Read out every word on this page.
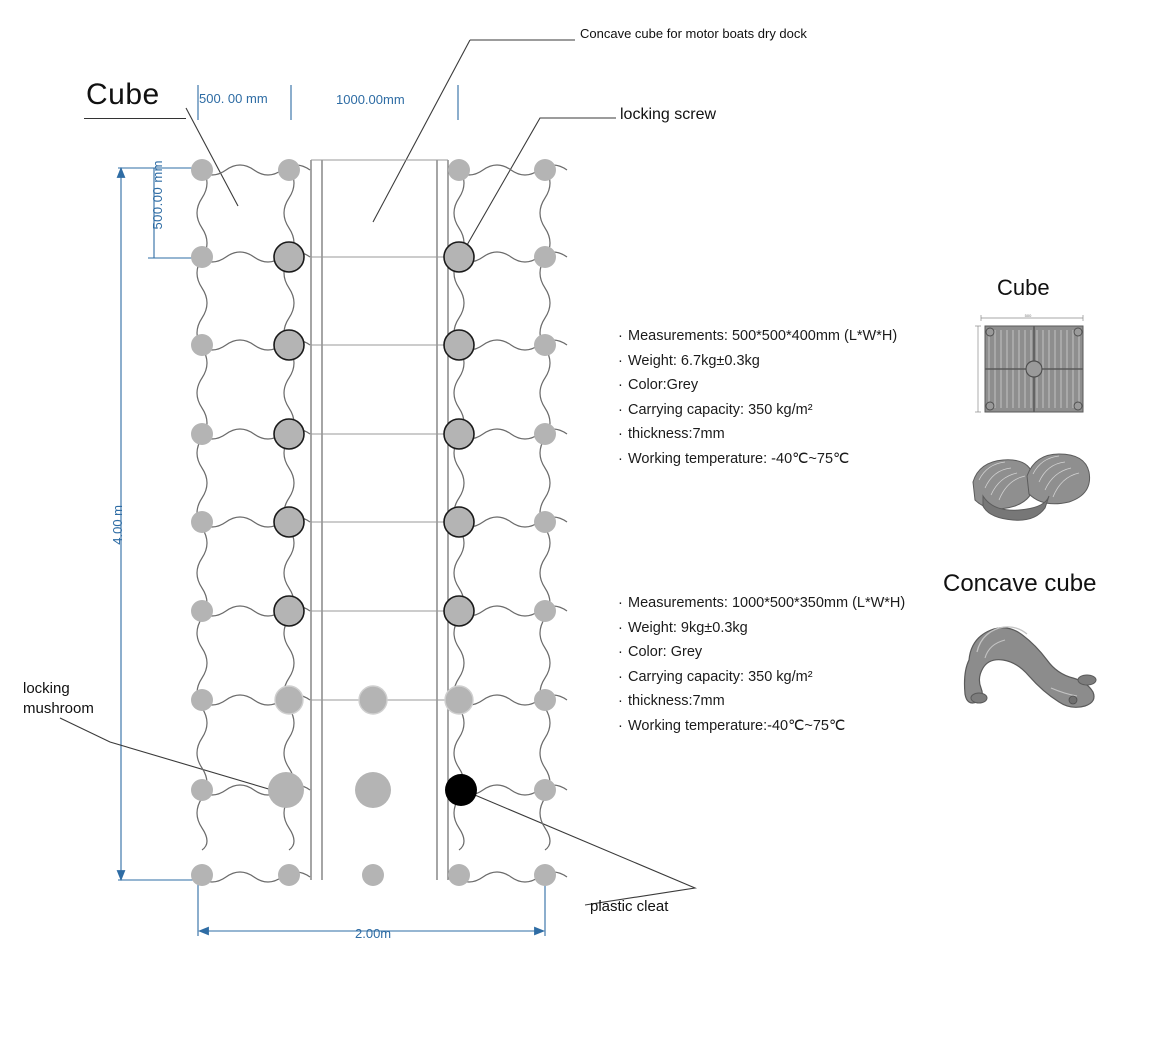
Cube
Concave cube for motor boats dry dock
locking screw
locking
mushroom
plastic cleat
500. 00 mm	1000.00mm
500.00 mm
4.00 m
2.00m
· Measurements: 500*500*400mm (L*W*H)
· Weight: 6.7kg±0.3kg
· Color:Grey
· Carrying capacity: 350 kg/m²
· thickness:7mm
· Working temperature: -40℃~75℃
· Measurements: 1000*500*350mm (L*W*H)
· Weight: 9kg±0.3kg
· Color: Grey
· Carrying capacity: 350 kg/m²
· thickness:7mm
· Working temperature:-40℃~75℃
Cube
500
Concave cube
